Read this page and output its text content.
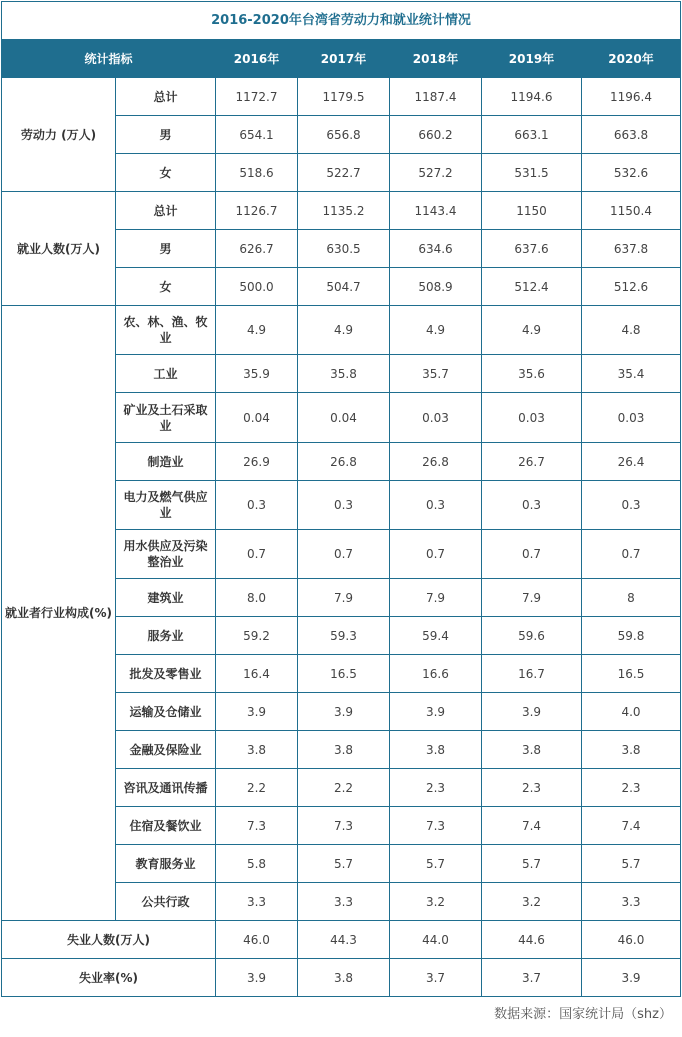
2016-2020年台湾省劳动力和就业统计情况						
统计指标		2016年	2017年	2018年	2019年	2020年
劳动力 (万人)	总计	1172.7	1179.5	1187.4	1194.6	1196.4
	男	654.1	656.8	660.2	663.1	663.8
	女	518.6	522.7	527.2	531.5	532.6
就业人数(万人)	总计	1126.7	1135.2	1143.4	1150	1150.4
	男	626.7	630.5	634.6	637.6	637.8
	女	500.0	504.7	508.9	512.4	512.6
就业者行业构成(%)	农、林、渔、牧业	4.9	4.9	4.9	4.9	4.8
	工业	35.9	35.8	35.7	35.6	35.4
	矿业及土石采取业	0.04	0.04	0.03	0.03	0.03
	制造业	26.9	26.8	26.8	26.7	26.4
	电力及燃气供应业	0.3	0.3	0.3	0.3	0.3
	用水供应及污染整治业	0.7	0.7	0.7	0.7	0.7
	建筑业	8.0	7.9	7.9	7.9	8
	服务业	59.2	59.3	59.4	59.6	59.8
	批发及零售业	16.4	16.5	16.6	16.7	16.5
	运输及仓储业	3.9	3.9	3.9	3.9	4.0
	金融及保险业	3.8	3.8	3.8	3.8	3.8
	咨讯及通讯传播	2.2	2.2	2.3	2.3	2.3
	住宿及餐饮业	7.3	7.3	7.3	7.4	7.4
	教育服务业	5.8	5.7	5.7	5.7	5.7
	公共行政	3.3	3.3	3.2	3.2	3.3
失业人数(万人)		46.0	44.3	44.0	44.6	46.0
失业率(%)		3.9	3.8	3.7	3.7	3.9
数据来源：国家统计局（shz）
